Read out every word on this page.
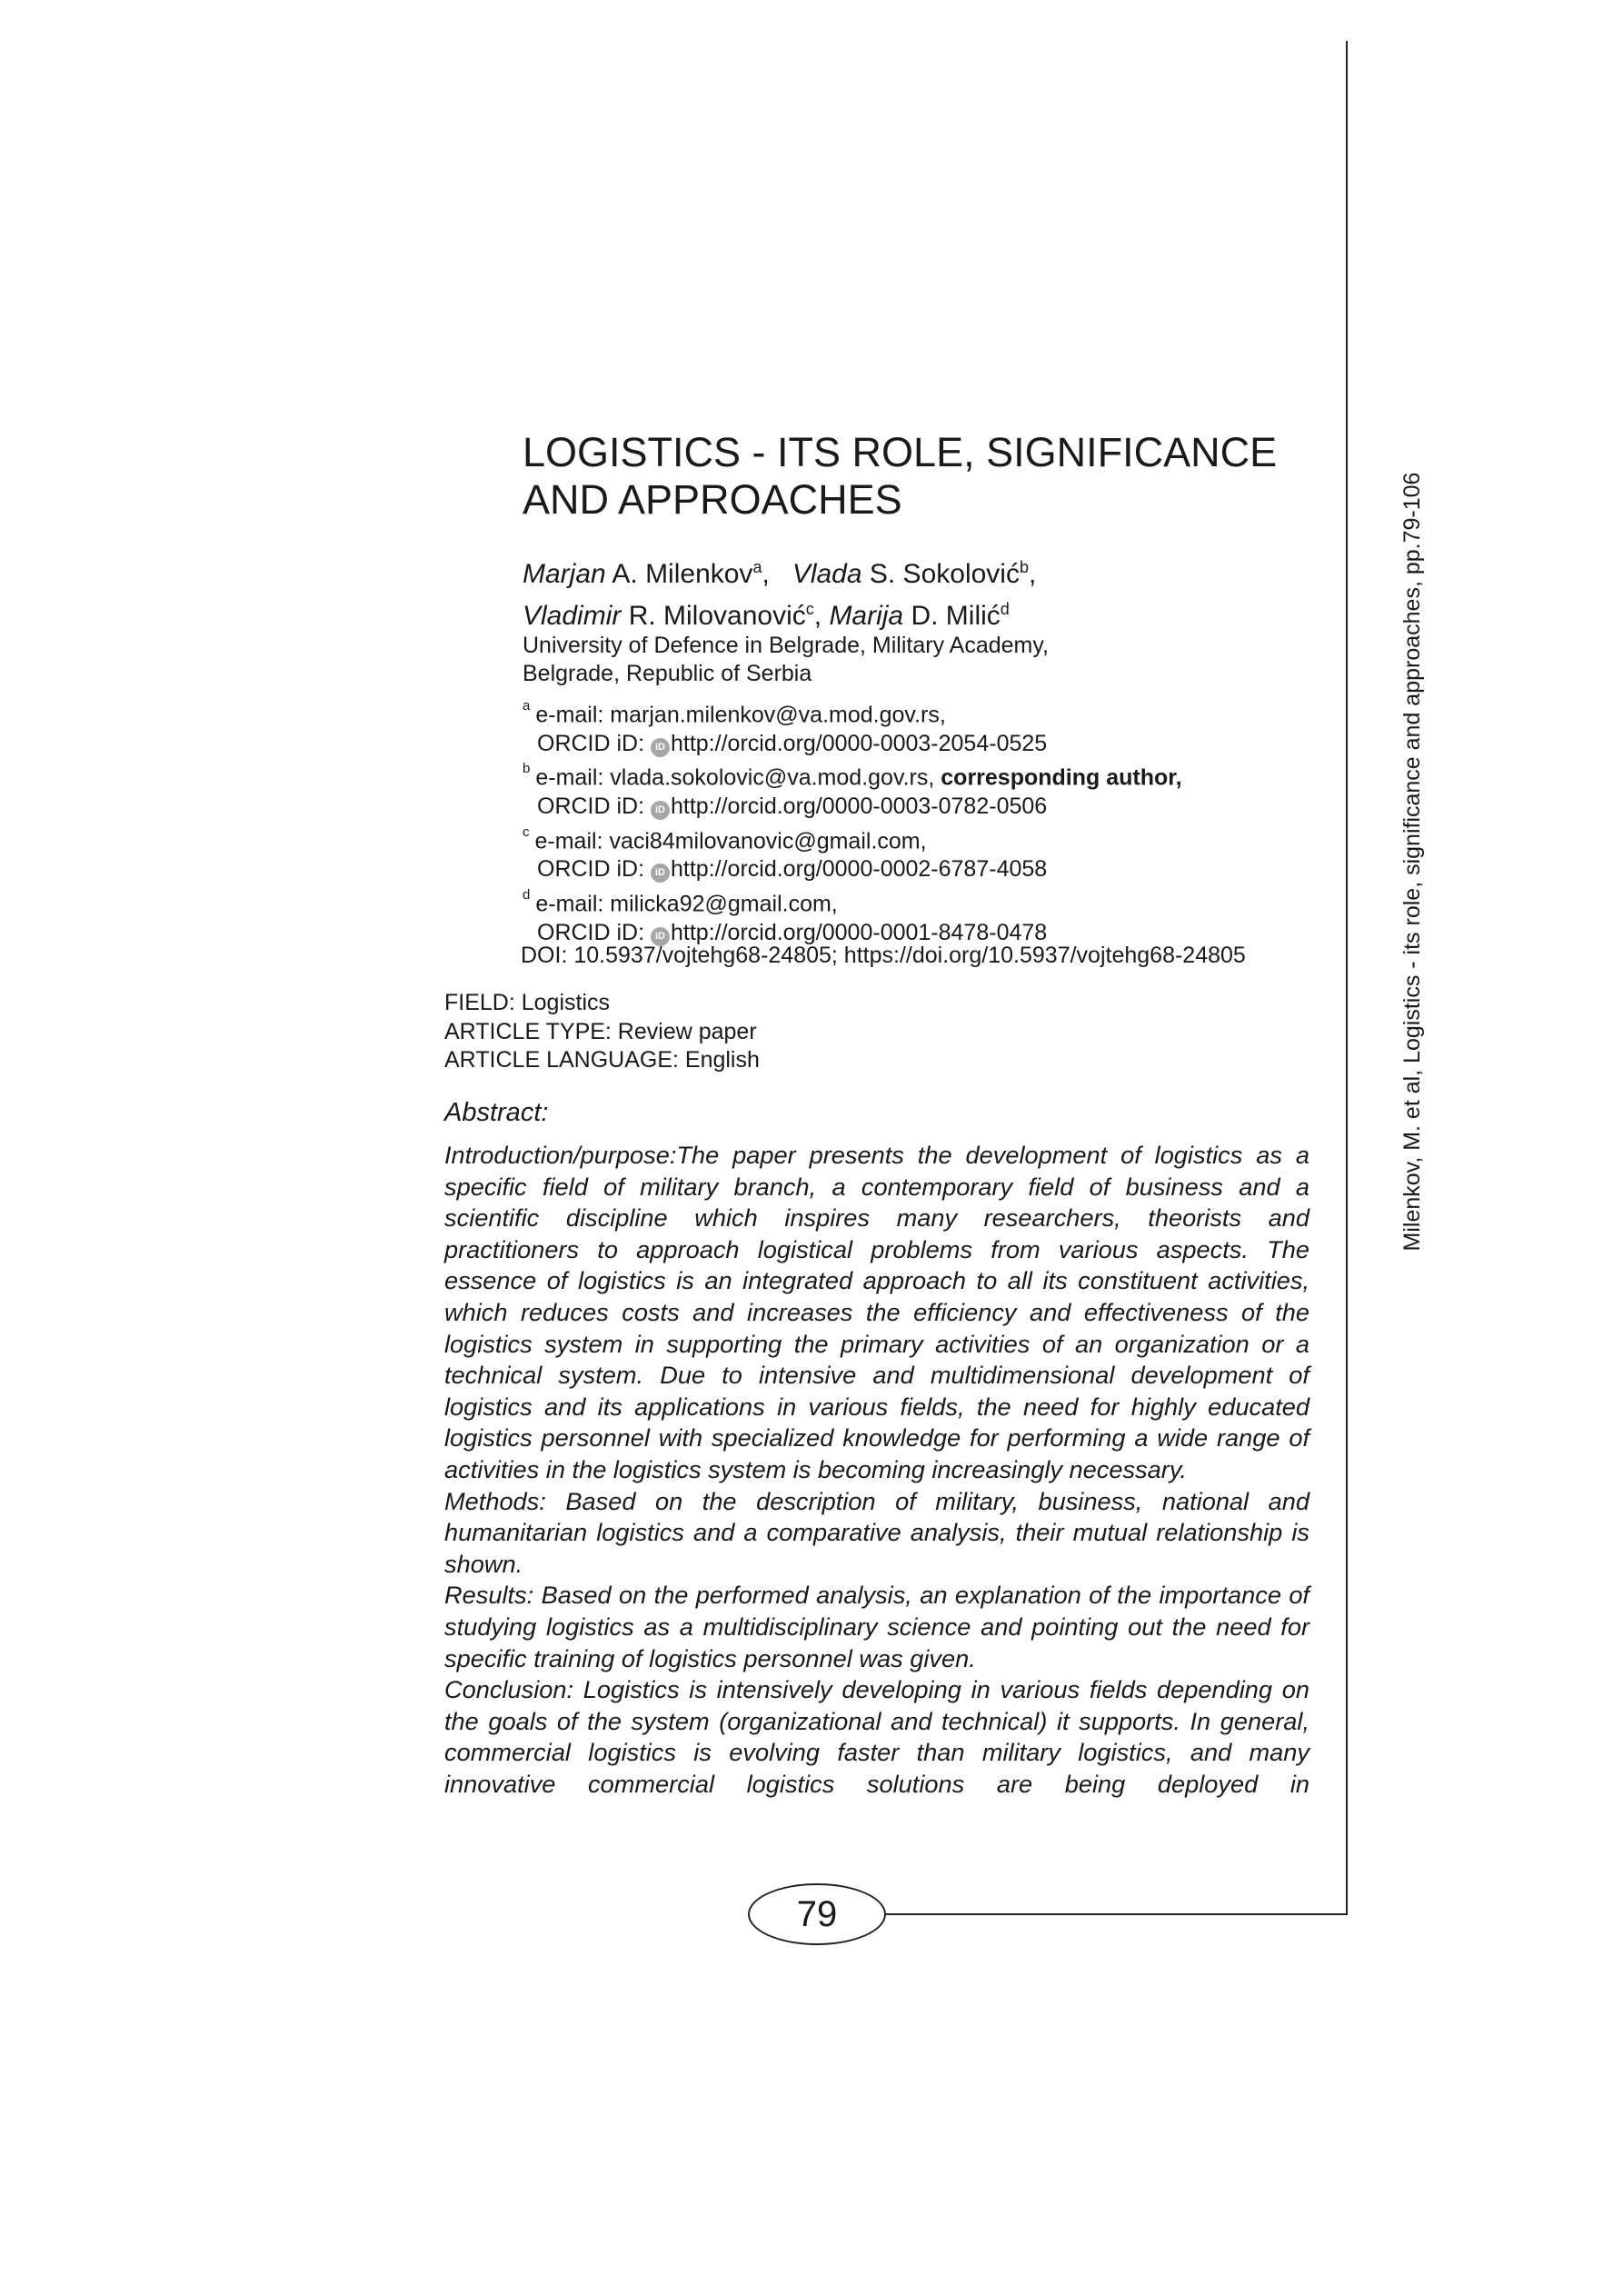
Milenkov, M. et al, Logistics - its role, significance and approaches, pp.79-106
LOGISTICS - ITS ROLE, SIGNIFICANCE
AND APPROACHES
Marjan A. Milenkov$^a$,   Vlada S. Sokolović$^b$,
Vladimir R. Milovanović$^c$, Marija D. Milić$^d$
University of Defence in Belgrade, Military Academy,
Belgrade, Republic of Serbia
$^a$ e-mail: marjan.milenkov@va.mod.gov.rs,
ORCID iD: iD http://orcid.org/0000-0003-2054-0525
$^b$ e-mail: vlada.sokolovic@va.mod.gov.rs, corresponding author,
ORCID iD: iD http://orcid.org/0000-0003-0782-0506
$^c$ e-mail: vaci84milovanovic@gmail.com,
ORCID iD: iD http://orcid.org/0000-0002-6787-4058
$^d$ e-mail: milicka92@gmail.com,
ORCID iD: iD http://orcid.org/0000-0001-8478-0478
DOI: 10.5937/vojtehg68-24805; https://doi.org/10.5937/vojtehg68-24805
FIELD: Logistics
ARTICLE TYPE: Review paper
ARTICLE LANGUAGE: English
Abstract:

Introduction/purpose:The paper presents the development of logistics as a specific field of military branch, a contemporary field of business and a scientific discipline which inspires many researchers, theorists and practitioners to approach logistical problems from various aspects. The essence of logistics is an integrated approach to all its constituent activities, which reduces costs and increases the efficiency and effectiveness of the logistics system in supporting the primary activities of an organization or a technical system. Due to intensive and multidimensional development of logistics and its applications in various fields, the need for highly educated logistics personnel with specialized knowledge for performing a wide range of activities in the logistics system is becoming increasingly necessary.

Methods: Based on the description of military, business, national and humanitarian logistics and a comparative analysis, their mutual relationship is shown.

Results: Based on the performed analysis, an explanation of the importance of studying logistics as a multidisciplinary science and pointing out the need for specific training of logistics personnel was given.

Conclusion: Logistics is intensively developing in various fields depending on the goals of the system (organizational and technical) it supports. In general, commercial logistics is evolving faster than military logistics, and many innovative commercial logistics solutions are being deployed in

79
